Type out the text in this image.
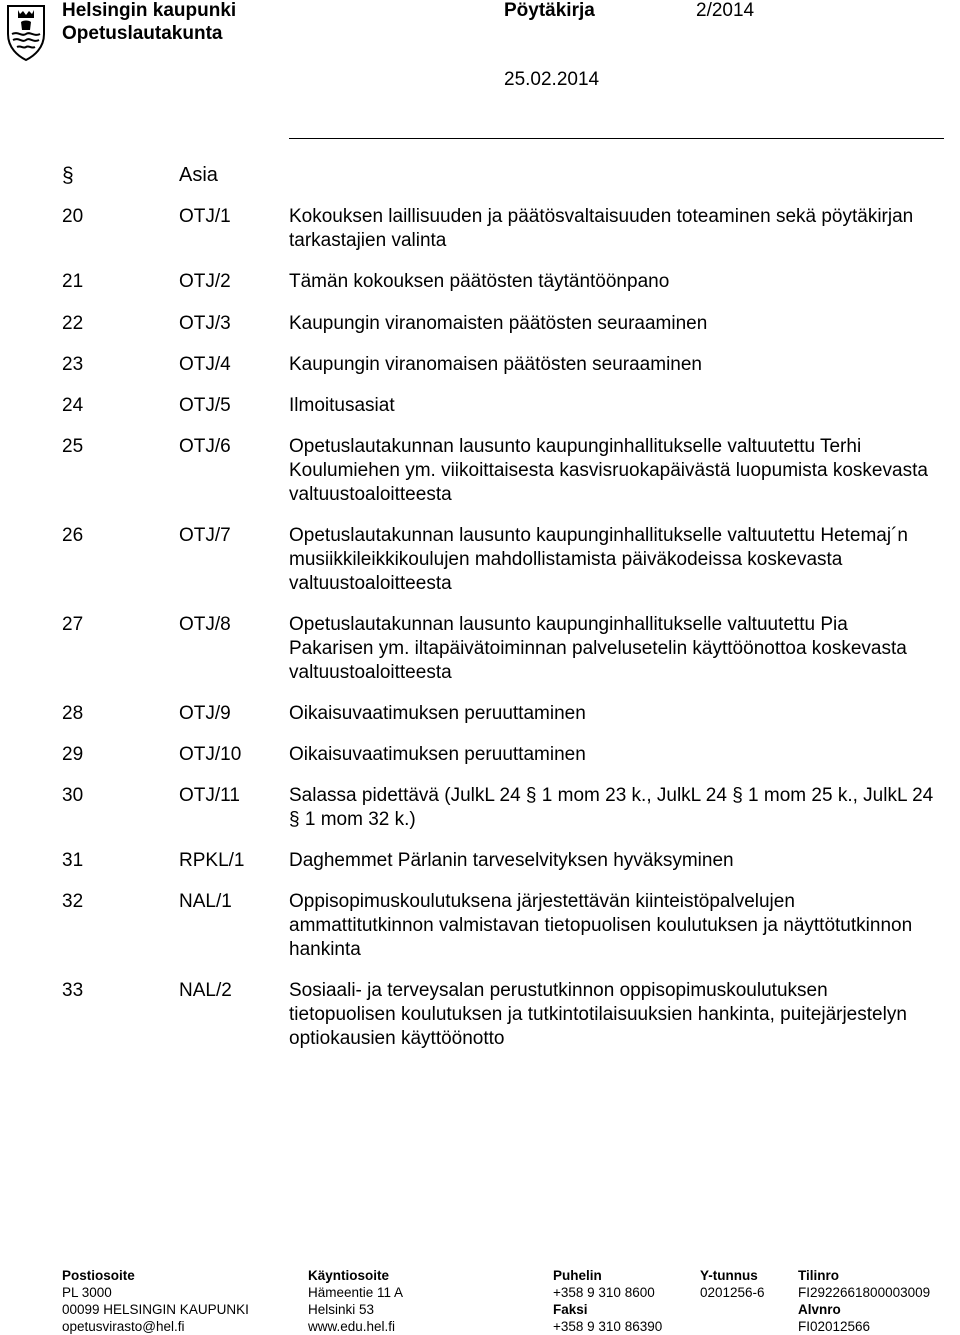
Helsingin kaupunki
Opetuslautakunta
Pöytäkirja	2/2014
25.02.2014
§	Asia
20	OTJ/1	Kokouksen laillisuuden ja päätösvaltaisuuden toteaminen sekä pöytäkirjan tarkastajien valinta
21	OTJ/2	Tämän kokouksen päätösten täytäntöönpano
22	OTJ/3	Kaupungin viranomaisten päätösten seuraaminen
23	OTJ/4	Kaupungin viranomaisen päätösten seuraaminen
24	OTJ/5	Ilmoitusasiat
25	OTJ/6	Opetuslautakunnan lausunto kaupunginhallitukselle valtuutettu Terhi Koulumiehen ym. viikoittaisesta kasvisruokapäivästä luopumista koskevasta valtuustoaloitteesta
26	OTJ/7	Opetuslautakunnan lausunto kaupunginhallitukselle valtuutettu Hetemaj´n musiikkileikkikoulujen mahdollistamista päiväkodeissa koskevasta valtuustoaloitteesta
27	OTJ/8	Opetuslautakunnan lausunto kaupunginhallitukselle valtuutettu Pia Pakarisen ym. iltapäivätoiminnan palvelusetelin käyttöönottoa koskevasta valtuustoaloitteesta
28	OTJ/9	Oikaisuvaatimuksen peruuttaminen
29	OTJ/10	Oikaisuvaatimuksen peruuttaminen
30	OTJ/11	Salassa pidettävä (JulkL 24 § 1 mom 23 k., JulkL 24 § 1 mom 25 k., JulkL 24 § 1 mom 32 k.)
31	RPKL/1 Daghemmet Pärlanin tarveselvityksen hyväksyminen
32	NAL/1	Oppisopimuskoulutuksena järjestettävän kiinteistöpalvelujen ammattitutkinnon valmistavan tietopuolisen koulutuksen ja näyttötutkinnon hankinta
33	NAL/2	Sosiaali- ja terveysalan perustutkinnon oppisopimuskoulutuksen tietopuolisen koulutuksen ja tutkintotilaisuuksien hankinta, puitejärjestelyn optiokausien käyttöönotto
Postiosoite
PL 3000
00099 HELSINGIN KAUPUNKI
opetusvirasto@hel.fi
Käyntiosoite
Hämeentie 11 A
Helsinki 53
www.edu.hel.fi
Puhelin
+358 9 310 8600
Faksi
+358 9 310 86390
Y-tunnus
0201256-6
Tilinro
FI2922661800003009
Alvnro
FI02012566
